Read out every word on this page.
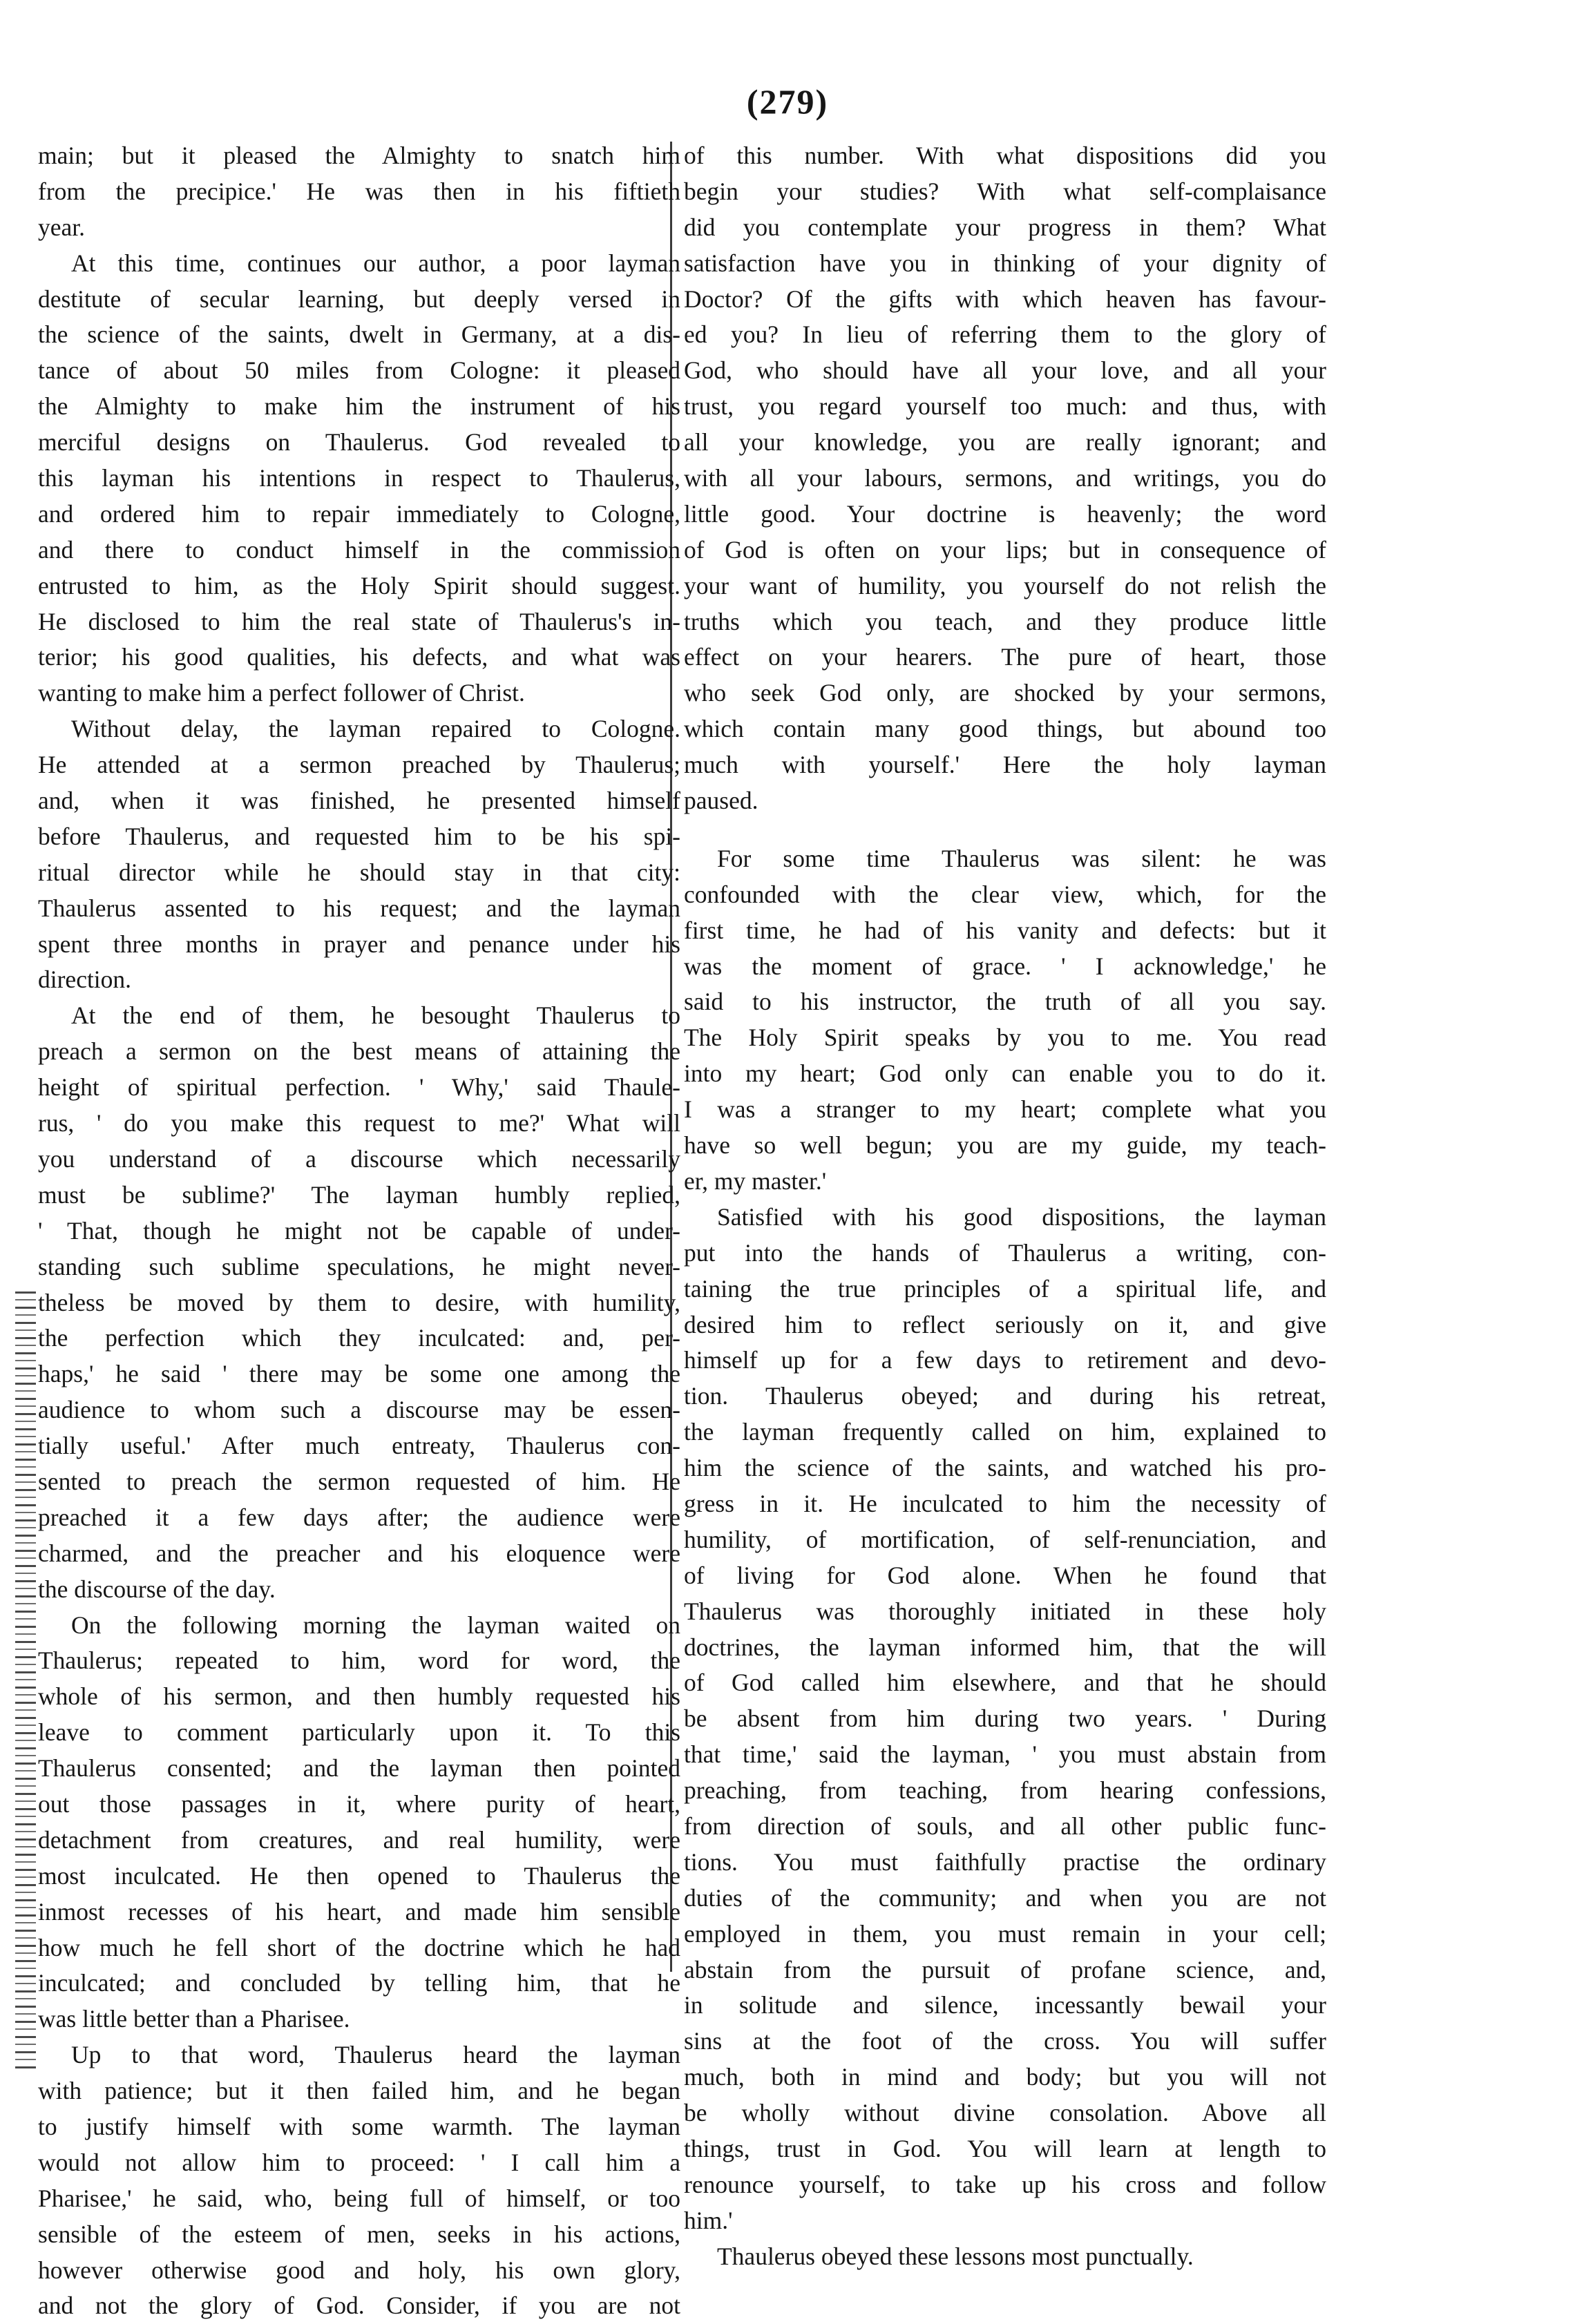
(279)
main; but it pleased the Almighty to snatch him
from the precipice.' He was then in his fiftieth
year.
At this time, continues our author, a poor layman
destitute of secular learning, but deeply versed in
the science of the saints, dwelt in Germany, at a dis-
tance of about 50 miles from Cologne: it pleased
the Almighty to make him the instrument of his
merciful designs on Thaulerus. God revealed to
this layman his intentions in respect to Thaulerus,
and ordered him to repair immediately to Cologne,
and there to conduct himself in the commission
entrusted to him, as the Holy Spirit should suggest.
He disclosed to him the real state of Thaulerus's in-
terior; his good qualities, his defects, and what was
wanting to make him a perfect follower of Christ.
Without delay, the layman repaired to Cologne.
He attended at a sermon preached by Thaulerus;
and, when it was finished, he presented himself
before Thaulerus, and requested him to be his spi-
ritual director while he should stay in that city:
Thaulerus assented to his request; and the layman
spent three months in prayer and penance under his
direction.
At the end of them, he besought Thaulerus to
preach a sermon on the best means of attaining the
height of spiritual perfection. ' Why,' said Thaule-
rus, ' do you make this request to me?' What will
you understand of a discourse which necessarily
must be sublime?' The layman humbly replied,
' That, though he might not be capable of under-
standing such sublime speculations, he might never-
theless be moved by them to desire, with humility,
the perfection which they inculcated: and, per-
haps,' he said ' there may be some one among the
audience to whom such a discourse may be essen-
tially useful.' After much entreaty, Thaulerus con-
sented to preach the sermon requested of him. He
preached it a few days after; the audience were
charmed, and the preacher and his eloquence were
the discourse of the day.
On the following morning the layman waited on
Thaulerus; repeated to him, word for word, the
whole of his sermon, and then humbly requested his
leave to comment particularly upon it. To this
Thaulerus consented; and the layman then pointed
out those passages in it, where purity of heart,
detachment from creatures, and real humility, were
most inculcated. He then opened to Thaulerus the
inmost recesses of his heart, and made him sensible
how much he fell short of the doctrine which he had
inculcated; and concluded by telling him, that he
was little better than a Pharisee.
Up to that word, Thaulerus heard the layman
with patience; but it then failed him, and he began
to justify himself with some warmth. The layman
would not allow him to proceed: ' I call him a
Pharisee,' he said, who, being full of himself, or too
sensible of the esteem of men, seeks in his actions,
however otherwise good and holy, his own glory,
and not the glory of God. Consider, if you are not
of this number. With what dispositions did you
begin your studies? With what self-complaisance
did you contemplate your progress in them? What
satisfaction have you in thinking of your dignity of
Doctor? Of the gifts with which heaven has favour-
ed you? In lieu of referring them to the glory of
God, who should have all your love, and all your
trust, you regard yourself too much: and thus, with
all your knowledge, you are really ignorant; and
with all your labours, sermons, and writings, you do
little good. Your doctrine is heavenly; the word
of God is often on your lips; but in consequence of
your want of humility, you yourself do not relish the
truths which you teach, and they produce little
effect on your hearers. The pure of heart, those
who seek God only, are shocked by your sermons,
which contain many good things, but abound too
much with yourself.' Here the holy layman
paused.
For some time Thaulerus was silent: he was
confounded with the clear view, which, for the
first time, he had of his vanity and defects: but it
was the moment of grace. ' I acknowledge,' he
said to his instructor, the truth of all you say.
The Holy Spirit speaks by you to me. You read
into my heart; God only can enable you to do it.
I was a stranger to my heart; complete what you
have so well begun; you are my guide, my teach-
er, my master.'
Satisfied with his good dispositions, the layman
put into the hands of Thaulerus a writing, con-
taining the true principles of a spiritual life, and
desired him to reflect seriously on it, and give
himself up for a few days to retirement and devo-
tion. Thaulerus obeyed; and during his retreat,
the layman frequently called on him, explained to
him the science of the saints, and watched his pro-
gress in it. He inculcated to him the necessity of
humility, of mortification, of self-renunciation, and
of living for God alone. When he found that
Thaulerus was thoroughly initiated in these holy
doctrines, the layman informed him, that the will
of God called him elsewhere, and that he should
be absent from him during two years. ' During
that time,' said the layman, ' you must abstain from
preaching, from teaching, from hearing confessions,
from direction of souls, and all other public func-
tions. You must faithfully practise the ordinary
duties of the community; and when you are not
employed in them, you must remain in your cell;
abstain from the pursuit of profane science, and,
in solitude and silence, incessantly bewail your
sins at the foot of the cross. You will suffer
much, both in mind and body; but you will not
be wholly without divine consolation. Above all
things, trust in God. You will learn at length to
renounce yourself, to take up his cross and follow
him.'
Thaulerus obeyed these lessons most punctually.
